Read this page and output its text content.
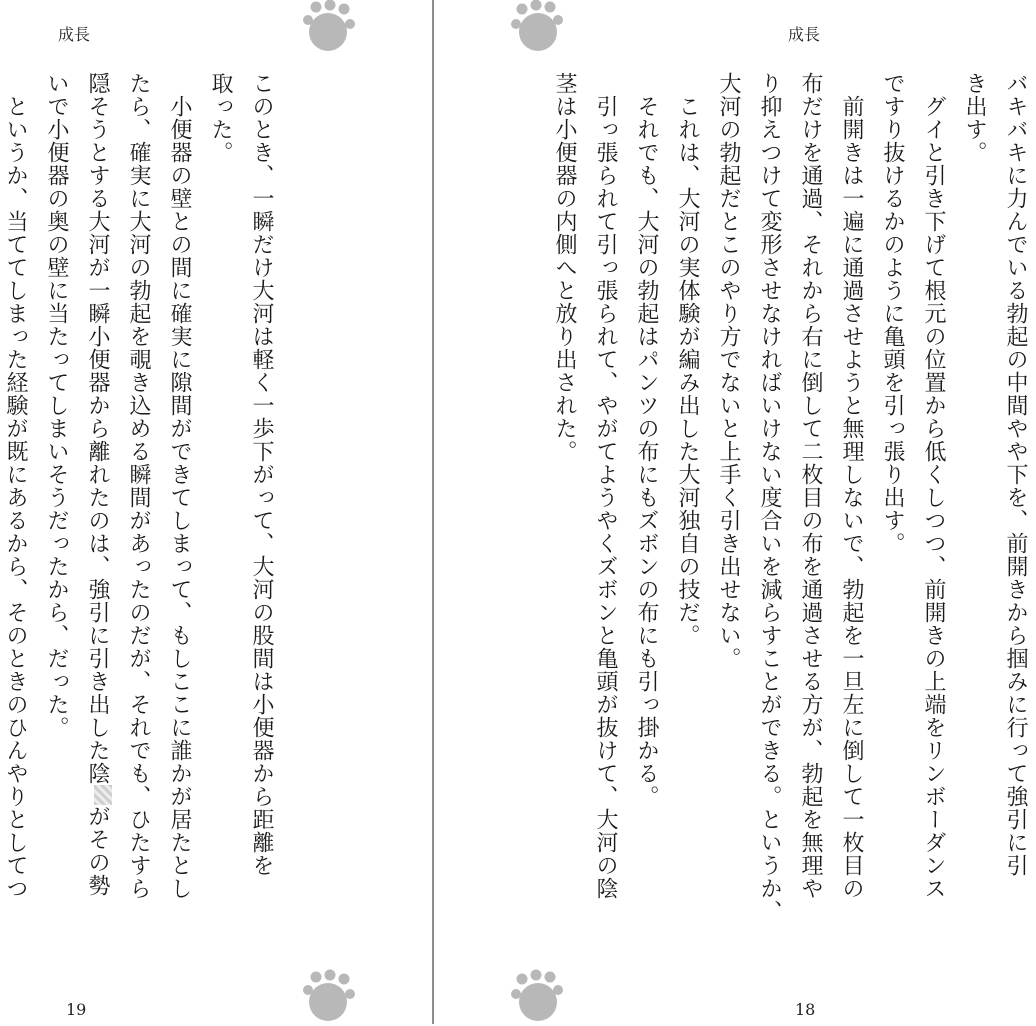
成長
このとき、一瞬だけ大河は軽く一歩下がって、大河の股間は小便器から距離を
取った。
　小便器の壁との間に確実に隙間ができてしまって、もしここに誰かが居たとし
たら、確実に大河の勃起を覗き込める瞬間があったのだが、それでも、ひたすら
隠そうとする大河が一瞬小便器から離れたのは、強引に引き出した陰がその勢
いで小便器の奥の壁に当たってしまいそうだったから、だった。
　というか、当ててしまった経験が既にあるから、そのときのひんやりとしてつ
19
成長
バキバキに力んでいる勃起の中間やや下を、前開きから掴みに行って強引に引
き出す。
　グイと引き下げて根元の位置から低くしつつ、前開きの上端をリンボーダンス
ですり抜けるかのように亀頭を引っ張り出す。
　前開きは一遍に通過させようと無理しないで、勃起を一旦左に倒して一枚目の
布だけを通過、それから右に倒して二枚目の布を通過させる方が、勃起を無理や
り抑えつけて変形させなければいけない度合いを減らすことができる。というか、
大河の勃起だとこのやり方でないと上手く引き出せない。
　これは、大河の実体験が編み出した大河独自の技だ。
　それでも、大河の勃起はパンツの布にもズボンの布にも引っ掛かる。
　引っ張られて引っ張られて、やがてようやくズボンと亀頭が抜けて、大河の陰
茎は小便器の内側へと放り出された。
18
